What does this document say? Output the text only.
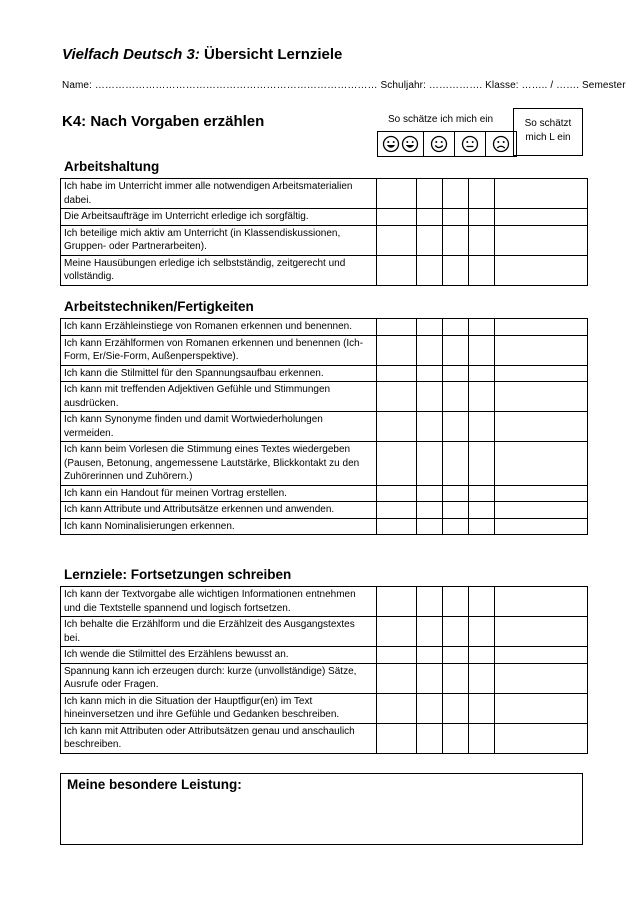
Vielfach Deutsch 3: Übersicht Lernziele
Name: ………………………………………………………………………… Schuljahr: ……………. Klasse: …….. / ……. Semester
K4: Nach Vorgaben erzählen	So schätze ich mich ein	So schätzt
mich L ein
Arbeitshaltung
Ich habe im Unterricht immer alle notwendigen Arbeitsmaterialien dabei.					
Die Arbeitsaufträge im Unterricht erledige ich sorgfältig.					
Ich beteilige mich aktiv am Unterricht (in Klassendiskussionen, Gruppen- oder Partnerarbeiten).					
Meine Hausübungen erledige ich selbstständig, zeitgerecht und vollständig.					
Arbeitstechniken/Fertigkeiten
Ich kann Erzähleinstiege von Romanen erkennen und benennen.					
Ich kann Erzählformen von Romanen erkennen und benennen (Ich-Form, Er/Sie-Form, Außenperspektive).					
Ich kann die Stilmittel für den Spannungsaufbau erkennen.					
Ich kann mit treffenden Adjektiven Gefühle und Stimmungen ausdrücken.					
Ich kann Synonyme finden und damit Wortwiederholungen vermeiden.					
Ich kann beim Vorlesen die Stimmung eines Textes wiedergeben (Pausen, Betonung, angemessene Lautstärke, Blickkontakt zu den Zuhörerinnen und Zuhörern.)					
Ich kann ein Handout für meinen Vortrag erstellen.					
Ich kann Attribute und Attributsätze erkennen und anwenden.					
Ich kann Nominalisierungen erkennen.					
Lernziele: Fortsetzungen schreiben
Ich kann der Textvorgabe alle wichtigen Informationen entnehmen und die Textstelle spannend und logisch fortsetzen.					
Ich behalte die Erzählform und die Erzählzeit des Ausgangstextes bei.					
Ich wende die Stilmittel des Erzählens bewusst an.					
Spannung kann ich erzeugen durch: kurze (unvollständige) Sätze, Ausrufe oder Fragen.					
Ich kann mich in die Situation der Hauptfigur(en) im Text hineinversetzen und ihre Gefühle und Gedanken beschreiben.					
Ich kann mit Attributen oder Attributsätzen genau und anschaulich beschreiben.					
Meine besondere Leistung:
